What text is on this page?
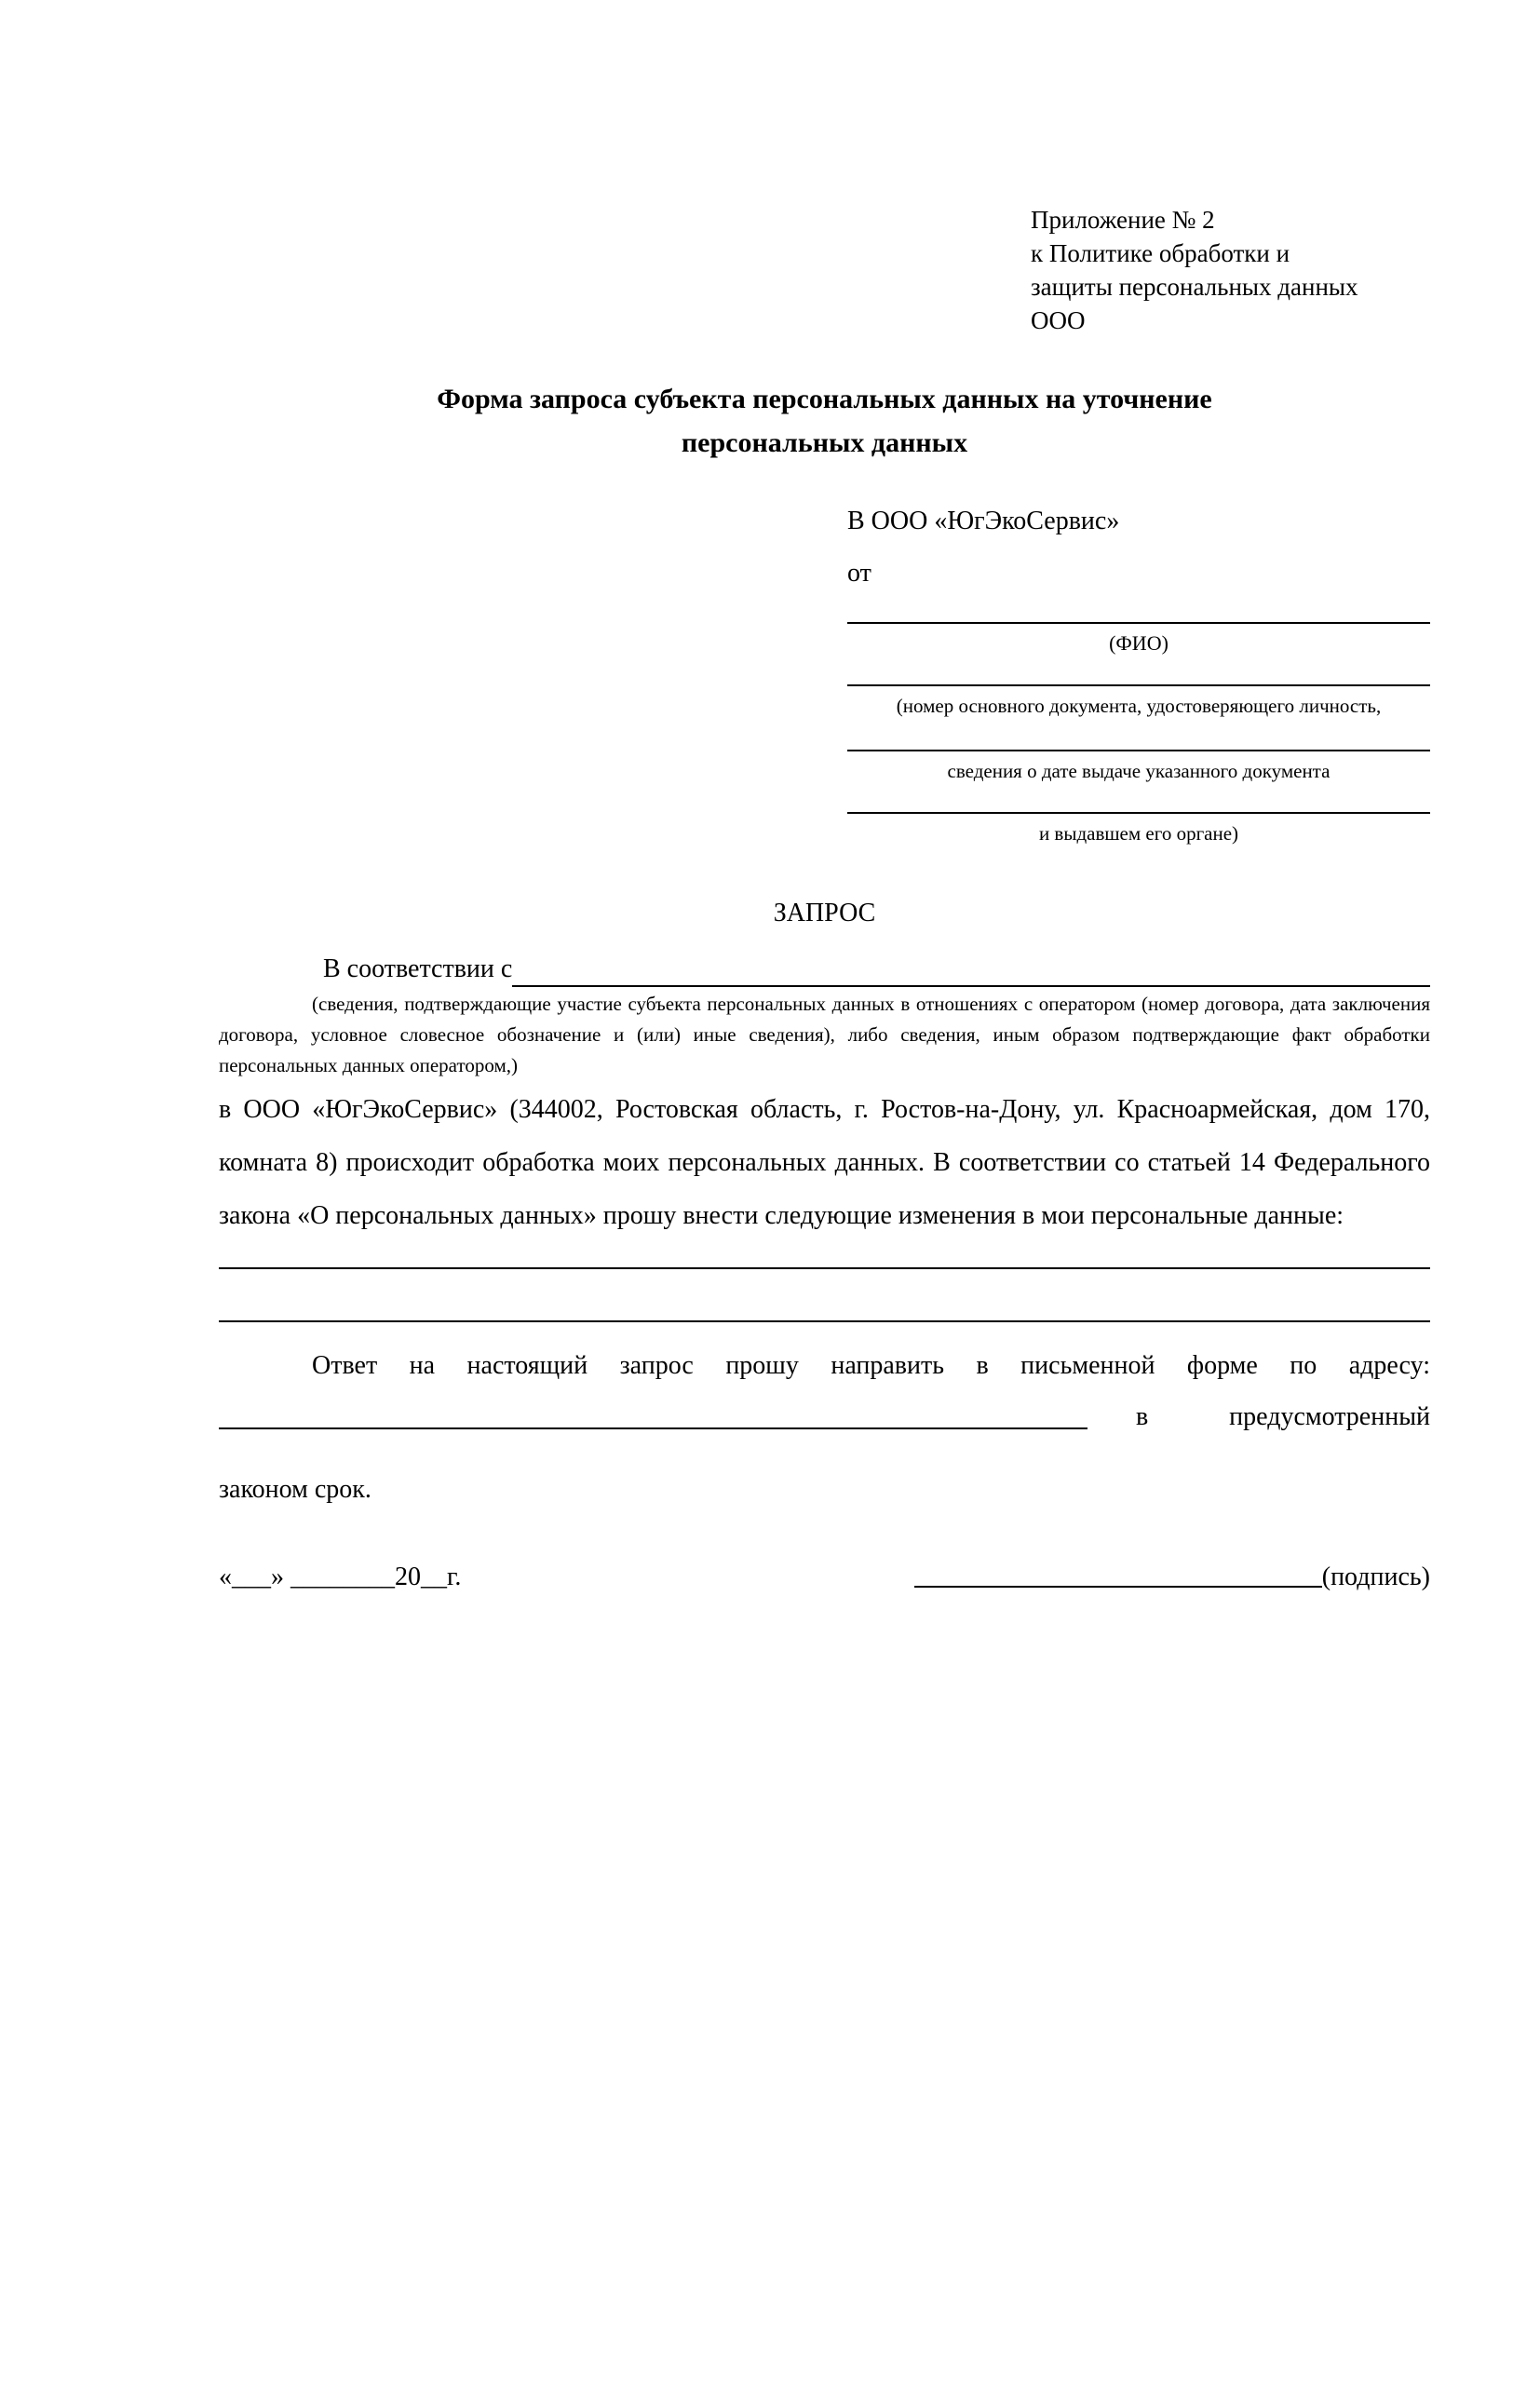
Приложение № 2
к Политике обработки и
защиты персональных данных
ООО
Форма запроса субъекта персональных данных на уточнение
персональных данных
В ООО «ЮгЭкоСервис»
от
(ФИО)
(номер основного документа, удостоверяющего личность,
сведения о дате выдаче указанного документа
и выдавшем его органе)
ЗАПРОС
В соответствии с
(сведения, подтверждающие участие субъекта персональных данных в отношениях с оператором (номер договора, дата заключения договора, условное словесное обозначение и (или) иные сведения), либо сведения, иным образом подтверждающие факт обработки персональных данных оператором,)

в ООО «ЮгЭкоСервис» (344002, Ростовская область, г. Ростов-на-Дону, ул. Красноармейская, дом 170, комната 8) происходит обработка моих персональных данных. В соответствии со статьей 14 Федерального закона «О персональных данных» прошу внести следующие изменения в мои персональные данные:

Ответ на настоящий запрос прошу направить в письменной форме по адресу:
в	предусмотренный
законом срок.
«___» ________20__г.	(подпись)
